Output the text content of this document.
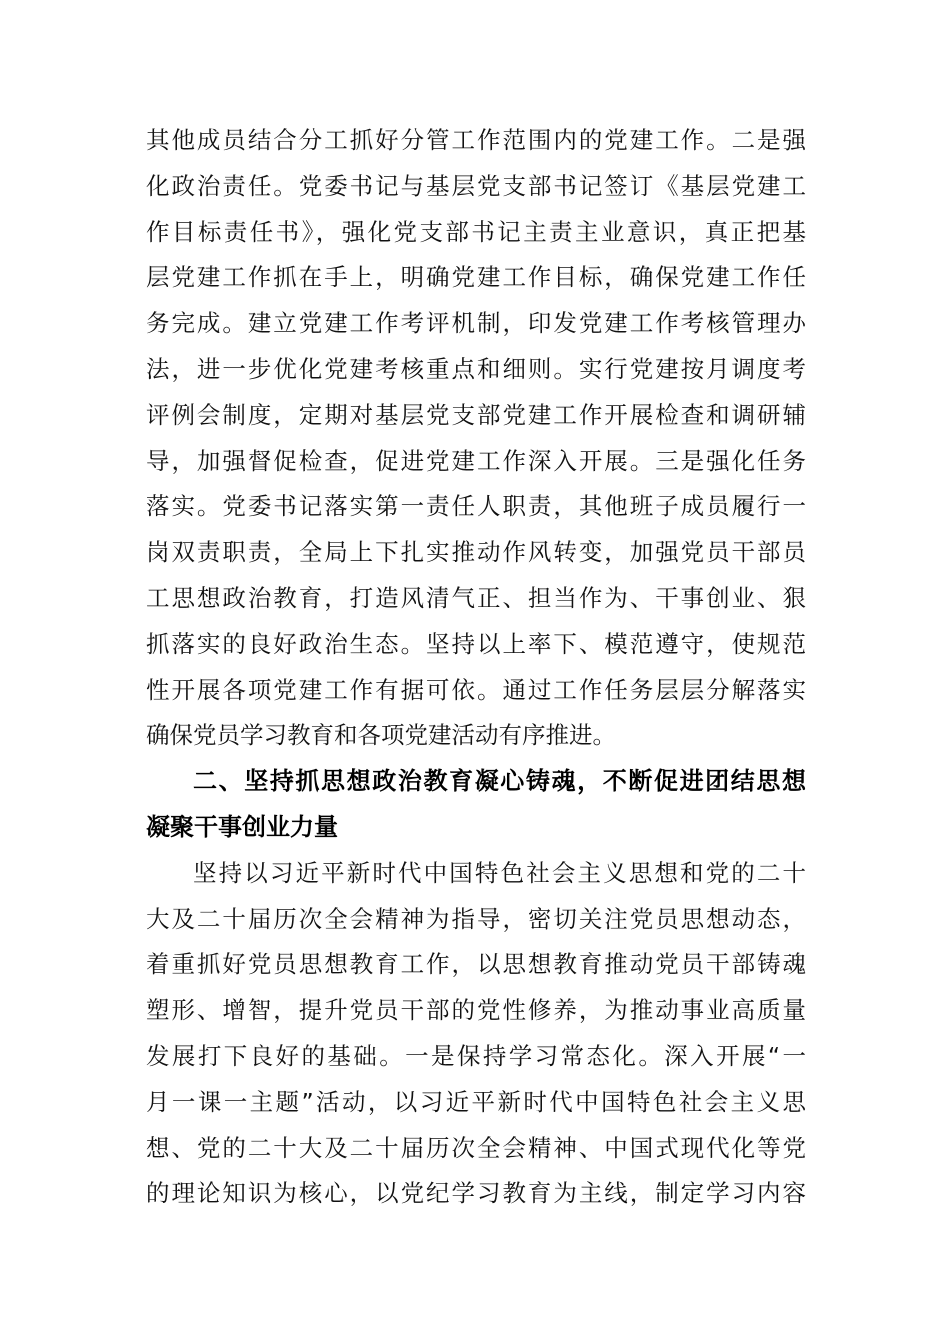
其他成员结合分工抓好分管工作范围内的党建工作。二是强
化政治责任。党委书记与基层党支部书记签订《基层党建工
作目标责任书》，强化党支部书记主责主业意识，真正把基
层党建工作抓在手上，明确党建工作目标，确保党建工作任
务完成。建立党建工作考评机制，印发党建工作考核管理办
法，进一步优化党建考核重点和细则。实行党建按月调度考
评例会制度，定期对基层党支部党建工作开展检查和调研辅
导，加强督促检查，促进党建工作深入开展。三是强化任务
落实。党委书记落实第一责任人职责，其他班子成员履行一
岗双责职责，全局上下扎实推动作风转变，加强党员干部员
工思想政治教育，打造风清气正、担当作为、干事创业、狠
抓落实的良好政治生态。坚持以上率下、模范遵守，使规范
性开展各项党建工作有据可依。通过工作任务层层分解落实
确保党员学习教育和各项党建活动有序推进。
二、坚持抓思想政治教育凝心铸魂，不断促进团结思想
凝聚干事创业力量
坚持以习近平新时代中国特色社会主义思想和党的二十
大及二十届历次全会精神为指导，密切关注党员思想动态，
着重抓好党员思想教育工作，以思想教育推动党员干部铸魂
塑形、增智，提升党员干部的党性修养，为推动事业高质量
发展打下良好的基础。一是保持学习常态化。深入开展“一
月一课一主题”活动，以习近平新时代中国特色社会主义思
想、党的二十大及二十届历次全会精神、中国式现代化等党
的理论知识为核心，以党纪学习教育为主线，制定学习内容
